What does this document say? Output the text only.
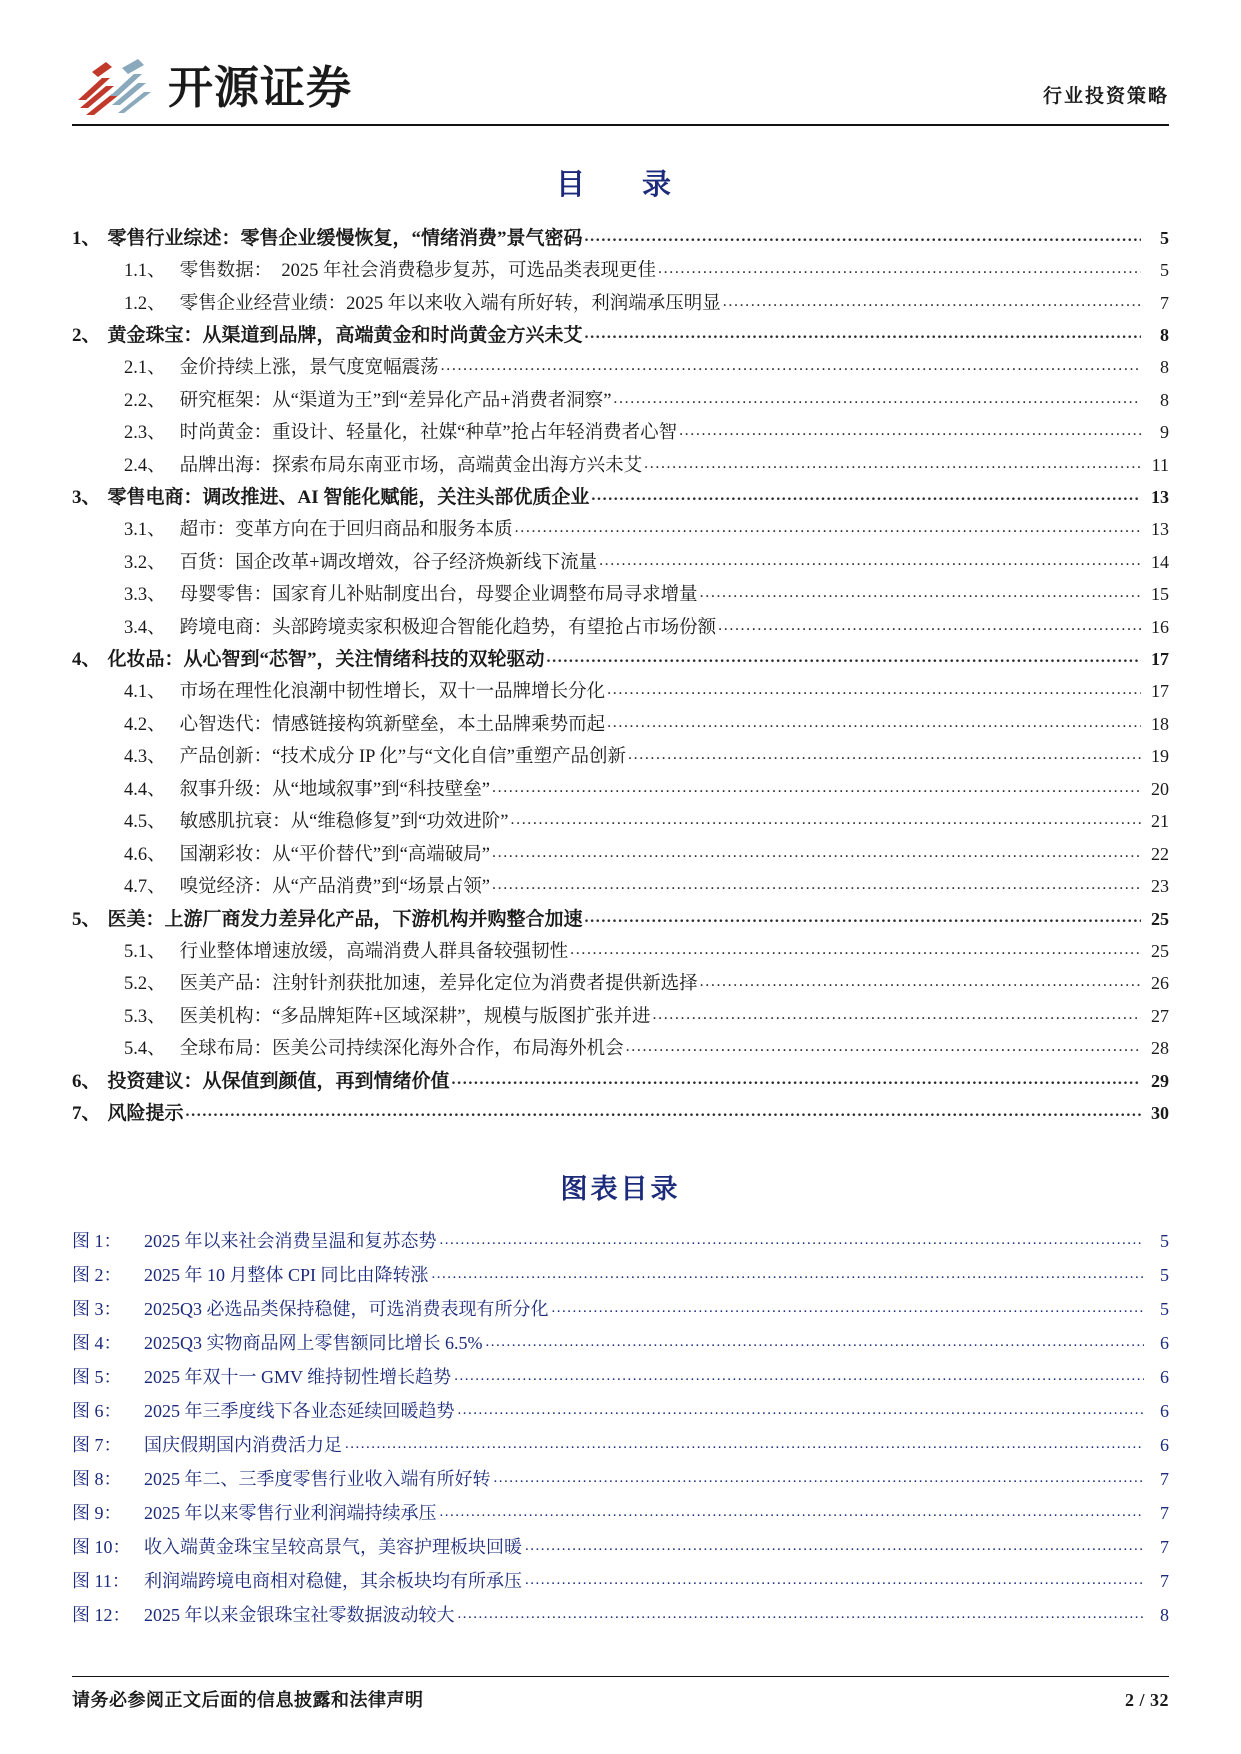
开源证券	行业投资策略
目　录
1、 零售行业综述：零售企业缓慢恢复，“情绪消费”景气密码 .....	5
1.1、 零售数据：　2025 年社会消费稳步复苏，可选品类表现更佳 .....	5
1.2、 零售企业经营业绩：2025 年以来收入端有所好转，利润端承压明显 .....	7
2、 黄金珠宝：从渠道到品牌，高端黄金和时尚黄金方兴未艾 .....	8
2.1、 金价持续上涨，景气度宽幅震荡 .....	8
2.2、 研究框架：从“渠道为王”到“差异化产品+消费者洞察” .....	8
2.3、 时尚黄金：重设计、轻量化，社媒“种草”抢占年轻消费者心智 .....	9
2.4、 品牌出海：探索布局东南亚市场，高端黄金出海方兴未艾 .....	11
3、 零售电商：调改推进、AI 智能化赋能，关注头部优质企业 .....	13
3.1、 超市：变革方向在于回归商品和服务本质 .....	13
3.2、 百货：国企改革+调改增效，谷子经济焕新线下流量 .....	14
3.3、 母婴零售：国家育儿补贴制度出台，母婴企业调整布局寻求增量 .....	15
3.4、 跨境电商：头部跨境卖家积极迎合智能化趋势，有望抢占市场份额 .....	16
4、 化妆品：从心智到“芯智”，关注情绪科技的双轮驱动 .....	17
4.1、 市场在理性化浪潮中韧性增长，双十一品牌增长分化 .....	17
4.2、 心智迭代：情感链接构筑新壁垒，本土品牌乘势而起 .....	18
4.3、 产品创新：“技术成分 IP 化”与“文化自信”重塑产品创新 .....	19
4.4、 叙事升级：从“地域叙事”到“科技壁垒” .....	20
4.5、 敏感肌抗衰：从“维稳修复”到“功效进阶” .....	21
4.6、 国潮彩妆：从“平价替代”到“高端破局” .....	22
4.7、 嗅觉经济：从“产品消费”到“场景占领” .....	23
5、 医美：上游厂商发力差异化产品，下游机构并购整合加速 .....	25
5.1、 行业整体增速放缓，高端消费人群具备较强韧性 .....	25
5.2、 医美产品：注射针剂获批加速，差异化定位为消费者提供新选择 .....	26
5.3、 医美机构：“多品牌矩阵+区域深耕”，规模与版图扩张并进 .....	27
5.4、 全球布局：医美公司持续深化海外合作，布局海外机会 .....	28
6、 投资建议：从保值到颜值，再到情绪价值 .....	29
7、 风险提示 .....	30
图表目录
图 1：	2025 年以来社会消费呈温和复苏态势 .....	5
图 2：	2025 年 10 月整体 CPI 同比由降转涨 .....	5
图 3：	2025Q3 必选品类保持稳健，可选消费表现有所分化 .....	5
图 4：	2025Q3 实物商品网上零售额同比增长 6.5% .....	6
图 5：	2025 年双十一 GMV 维持韧性增长趋势 .....	6
图 6：	2025 年三季度线下各业态延续回暖趋势 .....	6
图 7：	国庆假期国内消费活力足 .....	6
图 8：	2025 年二、三季度零售行业收入端有所好转 .....	7
图 9：	2025 年以来零售行业利润端持续承压 .....	7
图 10： 收入端黄金珠宝呈较高景气，美容护理板块回暖 .....	7
图 11： 利润端跨境电商相对稳健，其余板块均有所承压 .....	7
图 12： 2025 年以来金银珠宝社零数据波动较大 .....	8
请务必参阅正文后面的信息披露和法律声明	2 / 32
